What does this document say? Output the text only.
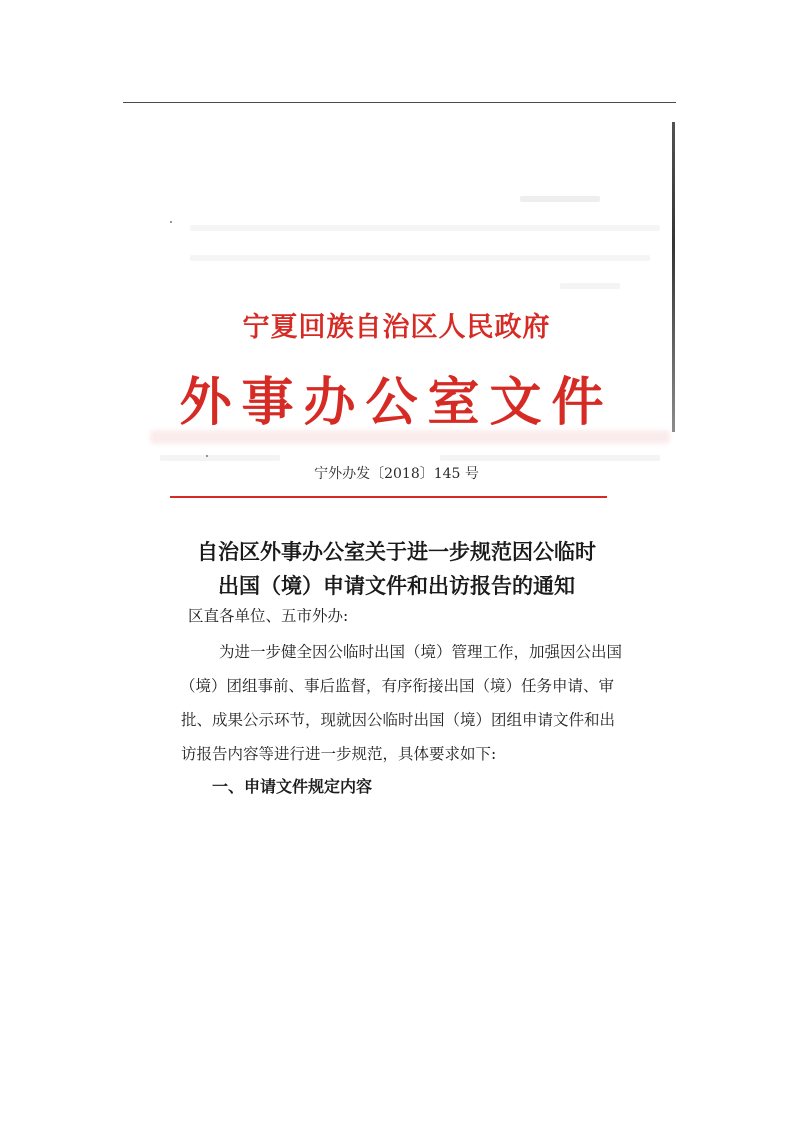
宁夏回族自治区人民政府
外事办公室文件
宁外办发〔2018〕145 号
自治区外事办公室关于进一步规范因公临时
出国（境）申请文件和出访报告的通知
区直各单位、五市外办:
为进一步健全因公临时出国（境）管理工作，加强因公出国
（境）团组事前、事后监督，有序衔接出国（境）任务申请、审
批、成果公示环节，现就因公临时出国（境）团组申请文件和出
访报告内容等进行进一步规范，具体要求如下:
一、申请文件规定内容
